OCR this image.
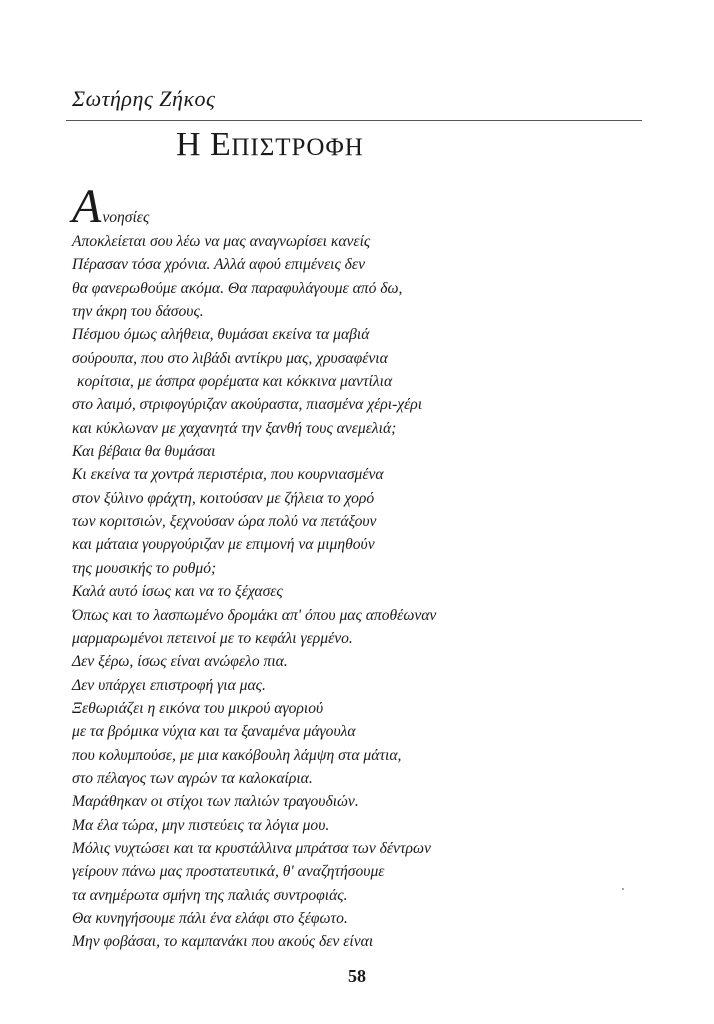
Σωτήρης Ζήκος
Η ΕΠΙΣΤΡΟΦΗ
Ανοησίες
Αποκλείεται σου λέω να μας αναγνωρίσει κανείς
Πέρασαν τόσα χρόνια. Αλλά αφού επιμένεις δεν
θα φανερωθούμε ακόμα. Θα παραφυλάγουμε από δω,
την άκρη του δάσους.
Πέσμου όμως αλήθεια, θυμάσαι εκείνα τα μαβιά
σούρουπα, που στο λιβάδι αντίκρυ μας, χρυσαφένια
κορίτσια, με άσπρα φορέματα και κόκκινα μαντίλια
στο λαιμό, στριφογύριζαν ακούραστα, πιασμένα χέρι-χέρι
και κύκλωναν με χαχανητά την ξανθή τους ανεμελιά;
Και βέβαια θα θυμάσαι
Κι εκείνα τα χοντρά περιστέρια, που κουρνιασμένα
στον ξύλινο φράχτη, κοιτούσαν με ζήλεια το χορό
των κοριτσιών, ξεχνούσαν ώρα πολύ να πετάξουν
και μάταια γουργούριζαν με επιμονή να μιμηθούν
της μουσικής το ρυθμό;
Καλά αυτό ίσως και να το ξέχασες
Όπως και το λασπωμένο δρομάκι απ' όπου μας αποθέωναν
μαρμαρωμένοι πετεινοί με το κεφάλι γερμένο.
Δεν ξέρω, ίσως είναι ανώφελο πια.
Δεν υπάρχει επιστροφή για μας.
Ξεθωριάζει η εικόνα του μικρού αγοριού
με τα βρόμικα νύχια και τα ξαναμένα μάγουλα
που κολυμπούσε, με μια κακόβουλη λάμψη στα μάτια,
στο πέλαγος των αγρών τα καλοκαίρια.
Μαράθηκαν οι στίχοι των παλιών τραγουδιών.
Μα έλα τώρα, μην πιστεύεις τα λόγια μου.
Μόλις νυχτώσει και τα κρυστάλλινα μπράτσα των δέντρων
γείρουν πάνω μας προστατευτικά, θ' αναζητήσουμε
τα ανημέρωτα σμήνη της παλιάς συντροφιάς.
Θα κυνηγήσουμε πάλι ένα ελάφι στο ξέφωτο.
Μην φοβάσαι, το καμπανάκι που ακούς δεν είναι
58
